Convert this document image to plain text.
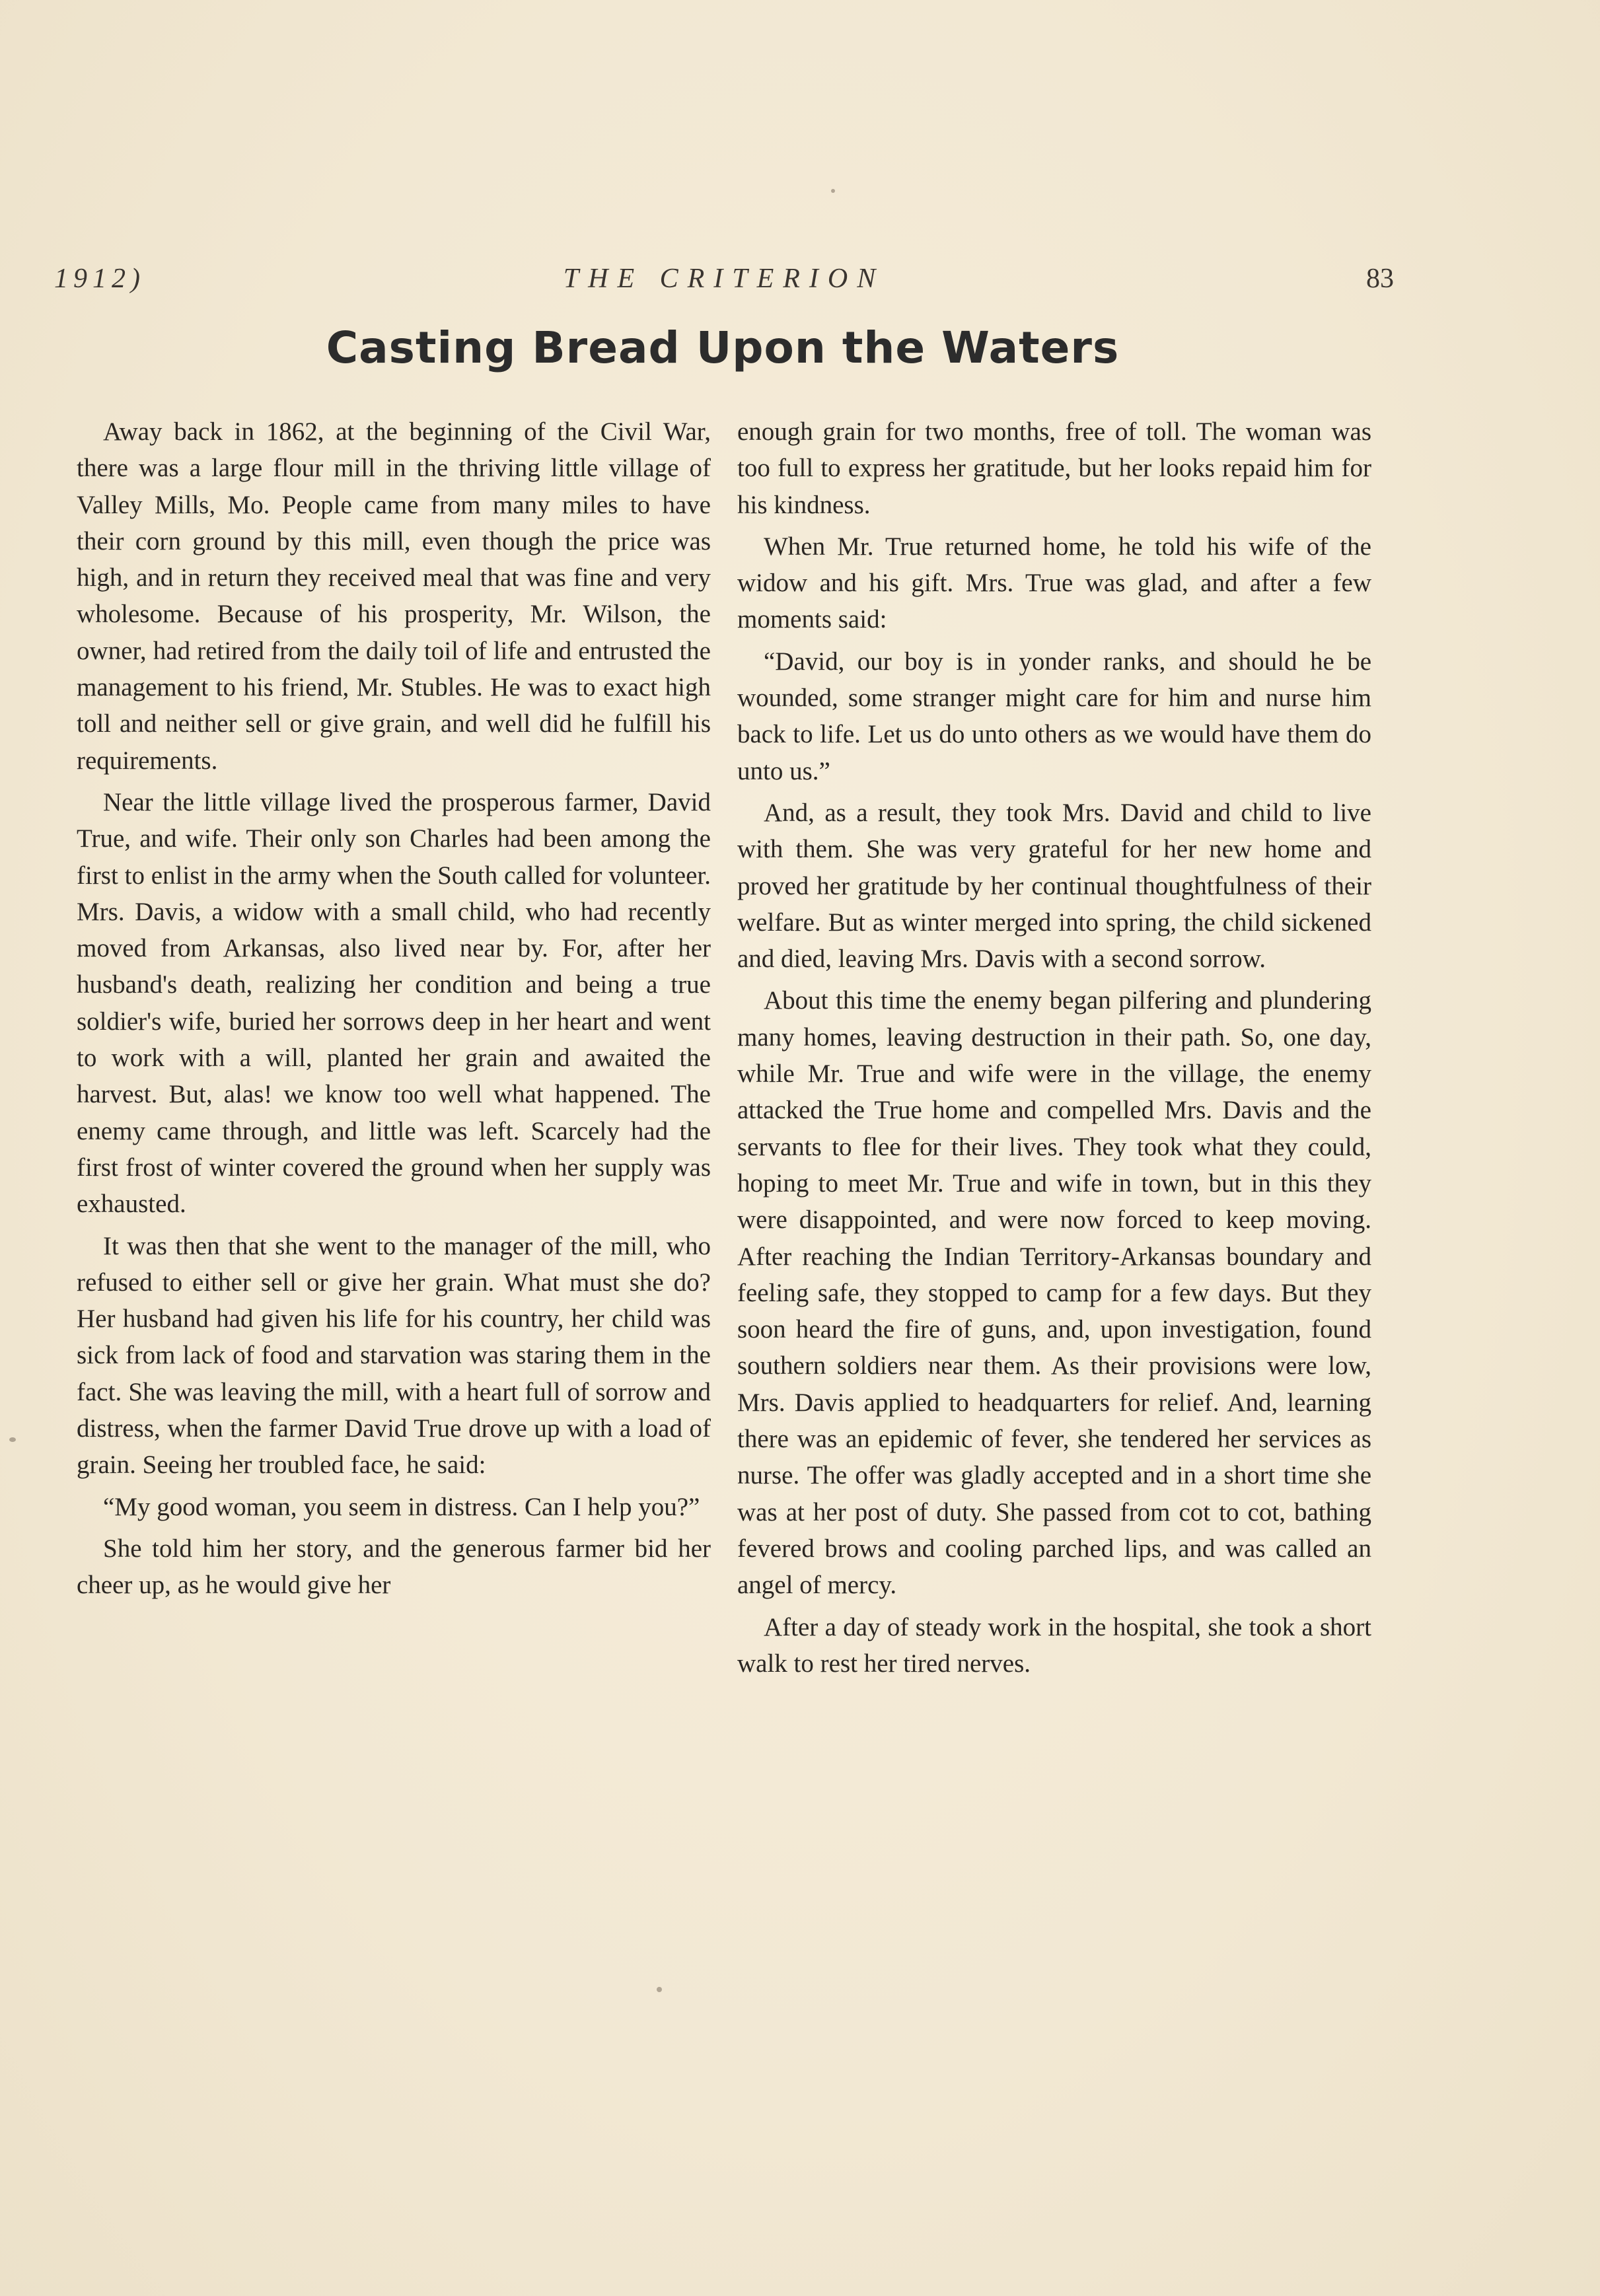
1912)	THE CRITERION	83
Casting Bread Upon the Waters

Away back in 1862, at the beginning of the Civil War, there was a large flour mill in the thriving little village of Valley Mills, Mo. People came from many miles to have their corn ground by this mill, even though the price was high, and in return they received meal that was fine and very wholesome. Because of his prosperity, Mr. Wilson, the owner, had retired from the daily toil of life and entrusted the management to his friend, Mr. Stubles. He was to exact high toll and neither sell or give grain, and well did he fulfill his requirements.

Near the little village lived the prosperous farmer, David True, and wife. Their only son Charles had been among the first to enlist in the army when the South called for volunteer. Mrs. Davis, a widow with a small child, who had recently moved from Arkansas, also lived near by. For, after her husband's death, realizing her condition and being a true soldier's wife, buried her sorrows deep in her heart and went to work with a will, planted her grain and awaited the harvest. But, alas! we know too well what happened. The enemy came through, and little was left. Scarcely had the first frost of winter covered the ground when her supply was exhausted.

It was then that she went to the manager of the mill, who refused to either sell or give her grain. What must she do? Her husband had given his life for his country, her child was sick from lack of food and starvation was staring them in the fact. She was leaving the mill, with a heart full of sorrow and distress, when the farmer David True drove up with a load of grain. Seeing her troubled face, he said:

“My good woman, you seem in distress. Can I help you?”

She told him her story, and the generous farmer bid her cheer up, as he would give her

enough grain for two months, free of toll. The woman was too full to express her gratitude, but her looks repaid him for his kindness.

When Mr. True returned home, he told his wife of the widow and his gift. Mrs. True was glad, and after a few moments said:

“David, our boy is in yonder ranks, and should he be wounded, some stranger might care for him and nurse him back to life. Let us do unto others as we would have them do unto us.”

And, as a result, they took Mrs. David and child to live with them. She was very grateful for her new home and proved her gratitude by her continual thoughtfulness of their welfare. But as winter merged into spring, the child sickened and died, leaving Mrs. Davis with a second sorrow.

About this time the enemy began pilfering and plundering many homes, leaving destruction in their path. So, one day, while Mr. True and wife were in the village, the enemy attacked the True home and compelled Mrs. Davis and the servants to flee for their lives. They took what they could, hoping to meet Mr. True and wife in town, but in this they were disappointed, and were now forced to keep moving. After reaching the Indian Territory-Arkansas boundary and feeling safe, they stopped to camp for a few days. But they soon heard the fire of guns, and, upon investigation, found southern soldiers near them. As their provisions were low, Mrs. Davis applied to headquarters for relief. And, learning there was an epidemic of fever, she tendered her services as nurse. The offer was gladly accepted and in a short time she was at her post of duty. She passed from cot to cot, bathing fevered brows and cooling parched lips, and was called an angel of mercy.

After a day of steady work in the hospital, she took a short walk to rest her tired nerves.
